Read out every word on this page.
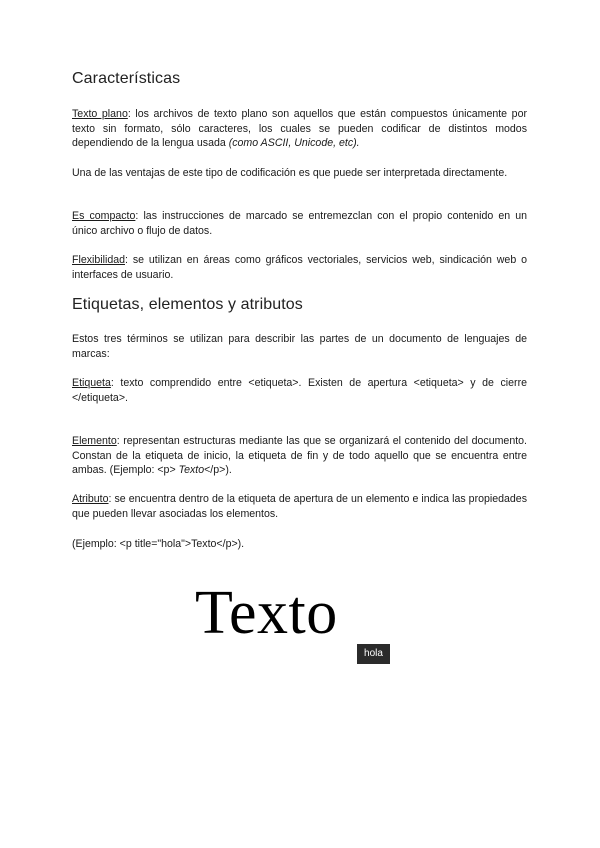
Características

Texto plano: los archivos de texto plano son aquellos que están compuestos únicamente por texto sin formato, sólo caracteres, los cuales se pueden codificar de distintos modos dependiendo de la lengua usada (como ASCII, Unicode, etc).

Una de las ventajas de este tipo de codificación es que puede ser interpretada directamente.

Es compacto: las instrucciones de marcado se entremezclan con el propio contenido en un único archivo o flujo de datos.

Flexibilidad: se utilizan en áreas como gráficos vectoriales, servicios web, sindicación web o interfaces de usuario.

Etiquetas, elementos y atributos

Estos tres términos se utilizan para describir las partes de un documento de lenguajes de marcas:

Etiqueta: texto comprendido entre <etiqueta>. Existen de apertura <etiqueta> y de cierre </etiqueta>.

Elemento: representan estructuras mediante las que se organizará el contenido del documento. Constan de la etiqueta de inicio, la etiqueta de fin y de todo aquello que se encuentra entre ambas. (Ejemplo: <p> Texto</p>).

Atributo: se encuentra dentro de la etiqueta de apertura de un elemento e indica las propiedades que pueden llevar asociadas los elementos.

(Ejemplo: <p title="hola">Texto</p>).

Texto
hola
